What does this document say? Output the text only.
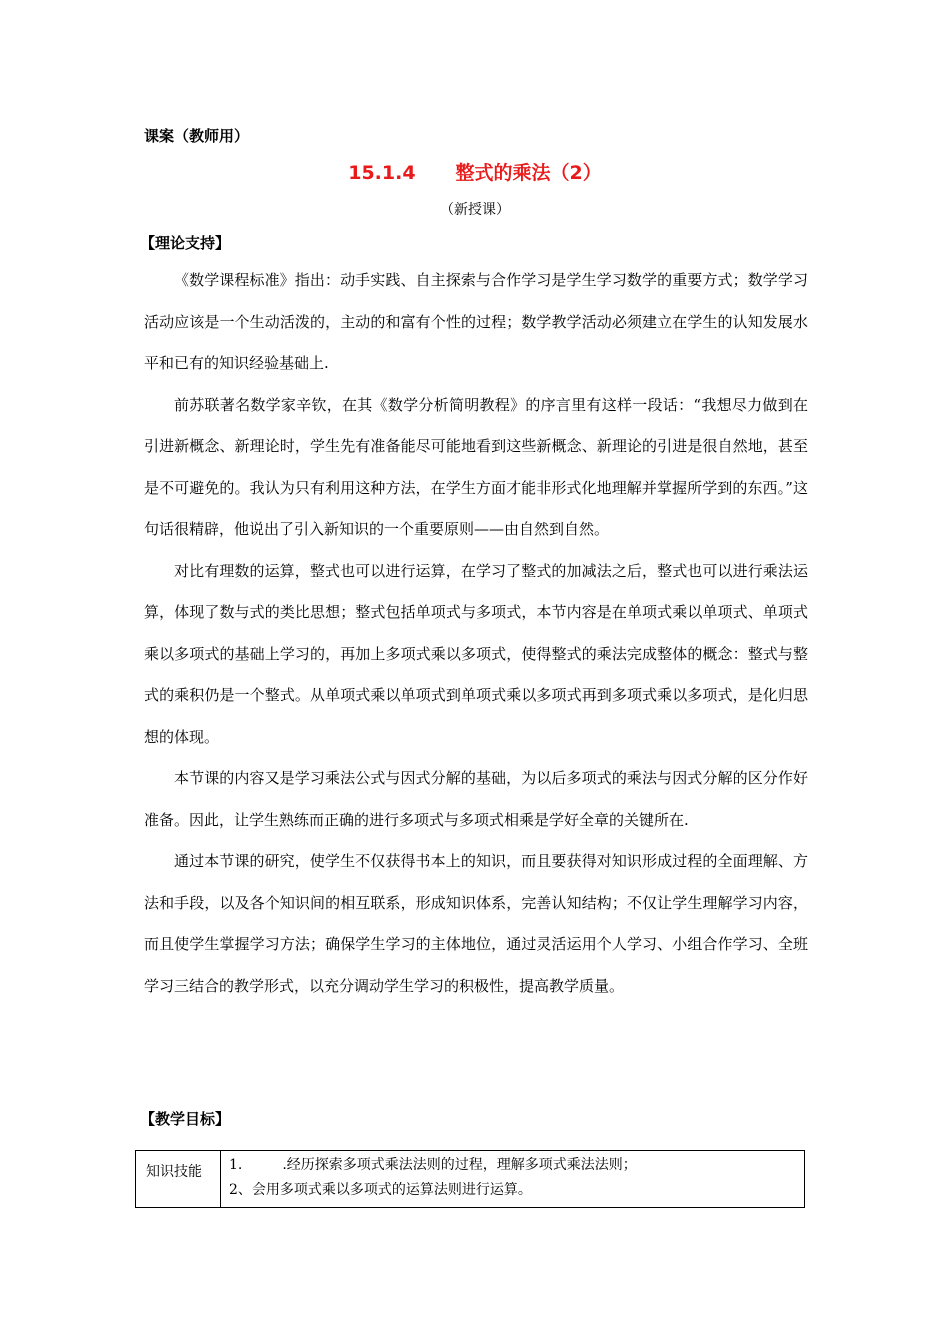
课案（教师用）
15.1.4 整式的乘法（2）
（新授课）
【理论支持】

《数学课程标准》指出：动手实践、自主探索与合作学习是学生学习数学的重要方式；数学学习活动应该是一个生动活泼的，主动的和富有个性的过程；数学教学活动必须建立在学生的认知发展水平和已有的知识经验基础上.

前苏联著名数学家辛钦，在其《数学分析简明教程》的序言里有这样一段话：“我想尽力做到在引进新概念、新理论时，学生先有准备能尽可能地看到这些新概念、新理论的引进是很自然地，甚至是不可避免的。我认为只有利用这种方法，在学生方面才能非形式化地理解并掌握所学到的东西。”这句话很精辟，他说出了引入新知识的一个重要原则——由自然到自然。

对比有理数的运算，整式也可以进行运算，在学习了整式的加减法之后，整式也可以进行乘法运算，体现了数与式的类比思想；整式包括单项式与多项式，本节内容是在单项式乘以单项式、单项式乘以多项式的基础上学习的，再加上多项式乘以多项式，使得整式的乘法完成整体的概念：整式与整式的乘积仍是一个整式。从单项式乘以单项式到单项式乘以多项式再到多项式乘以多项式，是化归思想的体现。

本节课的内容又是学习乘法公式与因式分解的基础，为以后多项式的乘法与因式分解的区分作好准备。因此，让学生熟练而正确的进行多项式与多项式相乘是学好全章的关键所在.

通过本节课的研究，使学生不仅获得书本上的知识，而且要获得对知识形成过程的全面理解、方法和手段，以及各个知识间的相互联系，形成知识体系，完善认知结构；不仅让学生理解学习内容，而且使学生掌握学习方法；确保学生学习的主体地位，通过灵活运用个人学习、小组合作学习、全班学习三结合的教学形式，以充分调动学生学习的积极性，提高教学质量。

【教学目标】
知识技能	1.	.经历探索多项式乘法法则的过程，理解多项式乘法法则；
2、会用多项式乘以多项式的运算法则进行运算。
